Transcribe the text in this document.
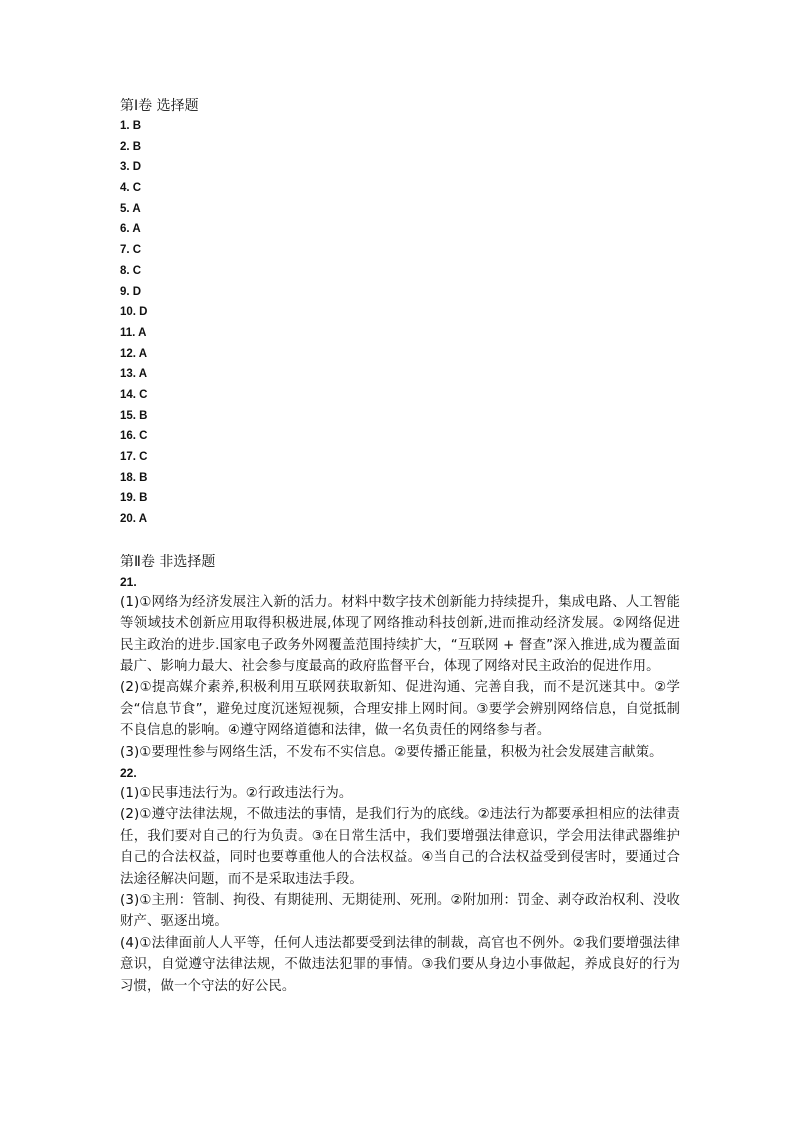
第Ⅰ卷 选择题
1. B
2. B
3. D
4. C
5. A
6. A
7. C
8. C
9. D
10. D
11. A
12. A
13. A
14. C
15. B
16. C
17. C
18. B
19. B
20. A
第Ⅱ卷 非选择题
21.

(1)①网络为经济发展注入新的活力。材料中数字技术创新能力持续提升，集成电路、人工智能等领域技术创新应用取得积极进展,体现了网络推动科技创新,进而推动经济发展。②网络促进民主政治的进步.国家电子政务外网覆盖范围持续扩大，“互联网 + 督查”深入推进,成为覆盖面最广、影响力最大、社会参与度最高的政府监督平台，体现了网络对民主政治的促进作用。

(2)①提高媒介素养,积极利用互联网获取新知、促进沟通、完善自我，而不是沉迷其中。②学会“信息节食”，避免过度沉迷短视频，合理安排上网时间。③要学会辨别网络信息，自觉抵制不良信息的影响。④遵守网络道德和法律，做一名负责任的网络参与者。

(3)①要理性参与网络生活，不发布不实信息。②要传播正能量，积极为社会发展建言献策。

22.

(1)①民事违法行为。②行政违法行为。

(2)①遵守法律法规，不做违法的事情，是我们行为的底线。②违法行为都要承担相应的法律责任，我们要对自己的行为负责。③在日常生活中，我们要增强法律意识，学会用法律武器维护自己的合法权益，同时也要尊重他人的合法权益。④当自己的合法权益受到侵害时，要通过合法途径解决问题，而不是采取违法手段。

(3)①主刑：管制、拘役、有期徒刑、无期徒刑、死刑。②附加刑：罚金、剥夺政治权利、没收财产、驱逐出境。

(4)①法律面前人人平等，任何人违法都要受到法律的制裁，高官也不例外。②我们要增强法律意识，自觉遵守法律法规，不做违法犯罪的事情。③我们要从身边小事做起，养成良好的行为习惯，做一个守法的好公民。
